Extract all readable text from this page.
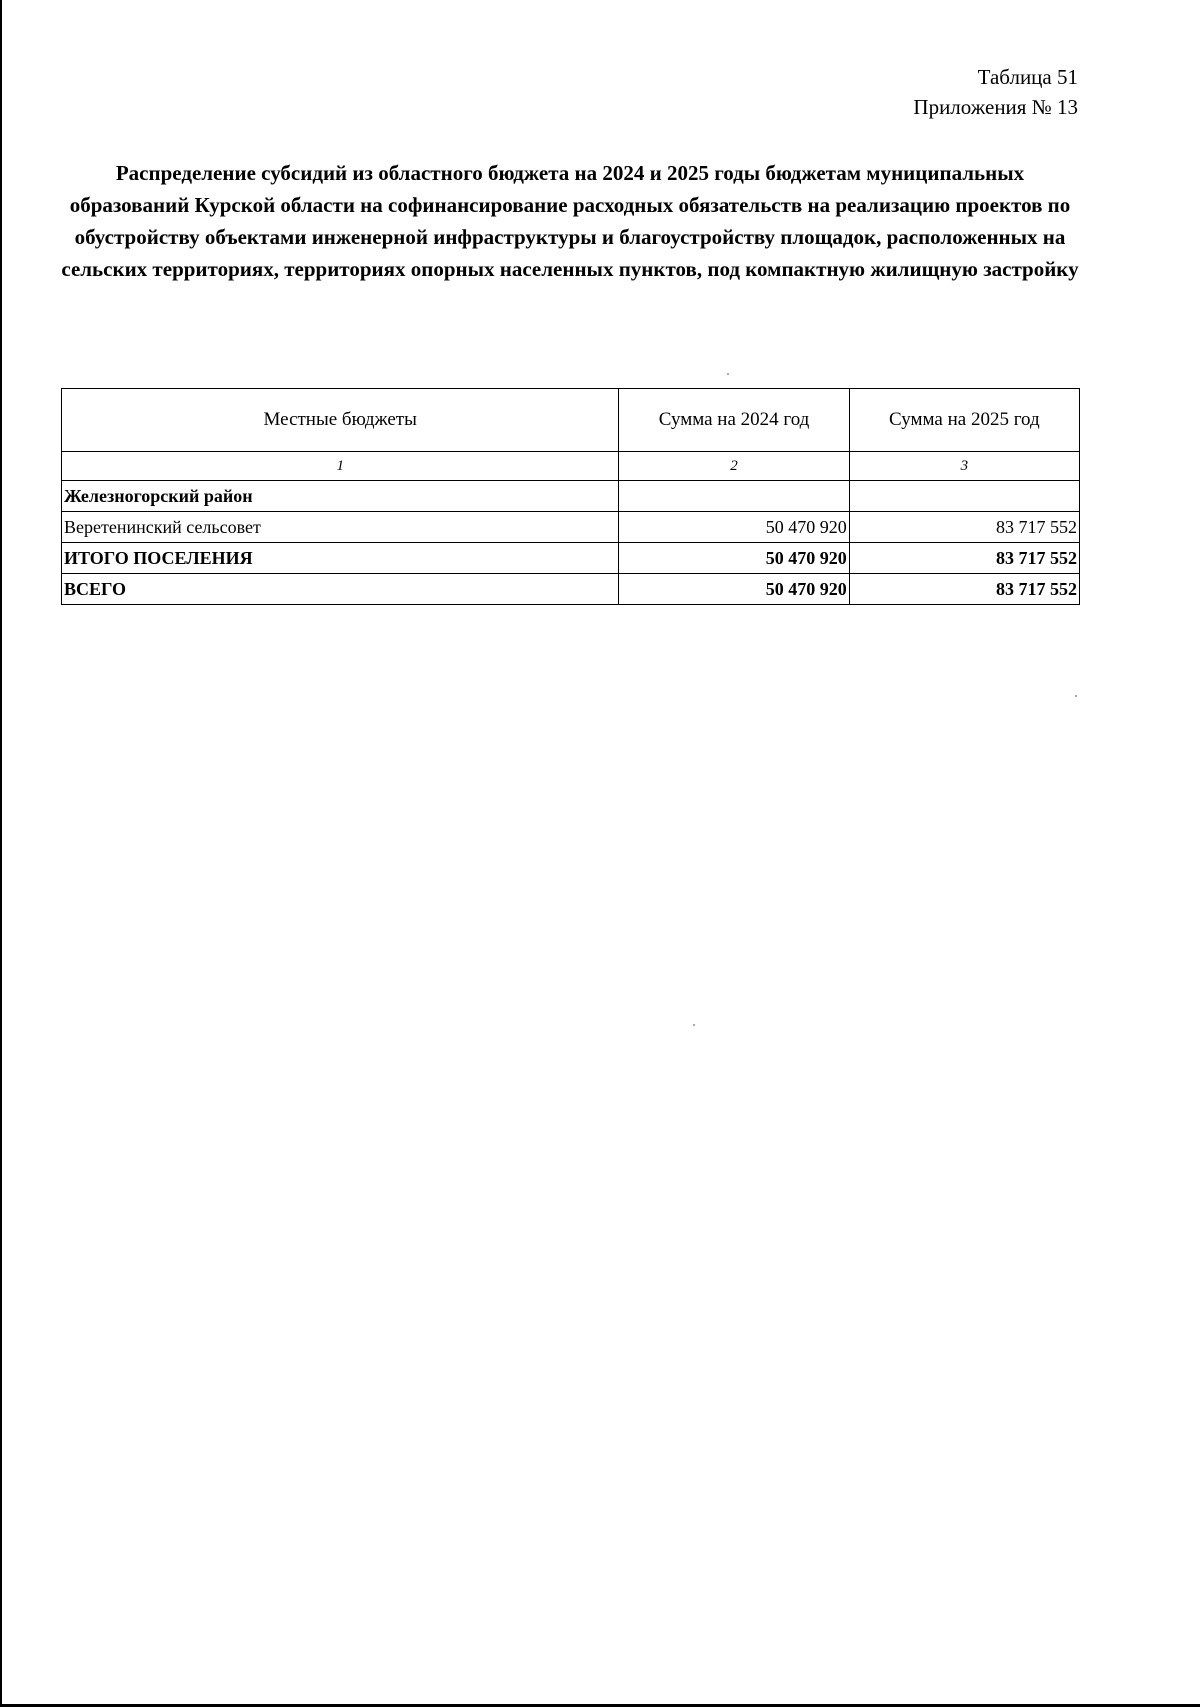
Таблица 51
Приложения № 13
Распределение субсидий из областного бюджета на 2024 и 2025 годы бюджетам муниципальных образований Курской области на софинансирование расходных обязательств на реализацию проектов по обустройству объектами инженерной инфраструктуры и благоустройству площадок, расположенных на сельских территориях, территориях опорных населенных пунктов, под компактную жилищную застройку
Местные бюджеты	Сумма на 2024 год	Сумма на 2025 год
1	2	3
Железногорский район		
Веретенинский сельсовет	50 470 920	83 717 552
ИТОГО ПОСЕЛЕНИЯ	50 470 920	83 717 552
ВСЕГО	50 470 920	83 717 552
